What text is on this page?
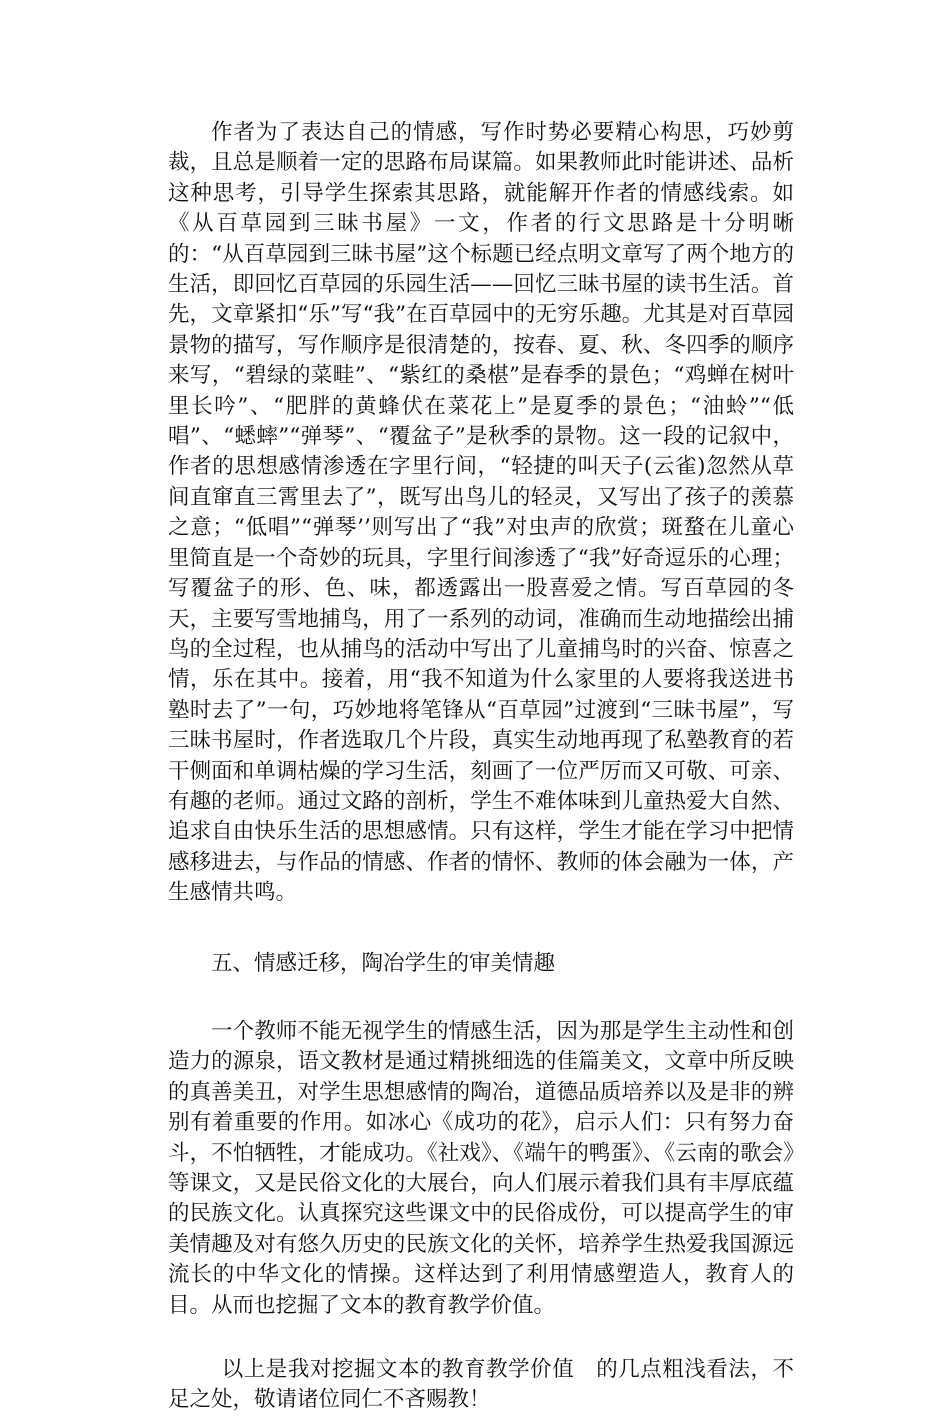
作者为了表达自己的情感，写作时势必要精心构思，巧妙剪裁，且总是顺着一定的思路布局谋篇。如果教师此时能讲述、品析这种思考，引导学生探索其思路，就能解开作者的情感线索。如《从百草园到三昧书屋》一文，作者的行文思路是十分明晰的：“从百草园到三昧书屋”这个标题已经点明文章写了两个地方的生活，即回忆百草园的乐园生活——回忆三昧书屋的读书生活。首先，文章紧扣“乐”写“我”在百草园中的无穷乐趣。尤其是对百草园景物的描写，写作顺序是很清楚的，按春、夏、秋、冬四季的顺序来写，“碧绿的菜畦”、“紫红的桑椹”是春季的景色；“鸡蝉在树叶里长吟”、“肥胖的黄蜂伏在菜花上”是夏季的景色；“油蛉”“低唱”、“蟋蟀”“弹琴”、“覆盆子”是秋季的景物。这一段的记叙中，作者的思想感情渗透在字里行间，“轻捷的叫天子(云雀)忽然从草间直窜直三霄里去了”，既写出鸟儿的轻灵，又写出了孩子的羡慕之意；“低唱”“弹琴’’则写出了“我”对虫声的欣赏；斑蝥在儿童心里简直是一个奇妙的玩具，字里行间渗透了“我”好奇逗乐的心理；写覆盆子的形、色、味，都透露出一股喜爱之情。写百草园的冬天，主要写雪地捕鸟，用了一系列的动词，准确而生动地描绘出捕鸟的全过程，也从捕鸟的活动中写出了儿童捕鸟时的兴奋、惊喜之情，乐在其中。接着，用“我不知道为什么家里的人要将我送进书塾时去了”一句，巧妙地将笔锋从“百草园”过渡到“三昧书屋”，写三昧书屋时，作者选取几个片段，真实生动地再现了私塾教育的若干侧面和单调枯燥的学习生活，刻画了一位严厉而又可敬、可亲、有趣的老师。通过文路的剖析，学生不难体味到儿童热爱大自然、追求自由快乐生活的思想感情。只有这样，学生才能在学习中把情感移进去，与作品的情感、作者的情怀、教师的体会融为一体，产生感情共鸣。

五、情感迁移，陶冶学生的审美情趣

一个教师不能无视学生的情感生活，因为那是学生主动性和创造力的源泉，语文教材是通过精挑细选的佳篇美文，文章中所反映的真善美丑，对学生思想感情的陶冶，道德品质培养以及是非的辨别有着重要的作用。如冰心《成功的花》，启示人们：只有努力奋斗，不怕牺牲，才能成功。《社戏》、《端午的鸭蛋》、《云南的歌会》等课文，又是民俗文化的大展台，向人们展示着我们具有丰厚底蕴的民族文化。认真探究这些课文中的民俗成份，可以提高学生的审美情趣及对有悠久历史的民族文化的关怀，培养学生热爱我国源远流长的中华文化的情操。这样达到了利用情感塑造人，教育人的目。从而也挖掘了文本的教育教学价值。

以上是我对挖掘文本的教育教学价值　的几点粗浅看法，不足之处，敬请诸位同仁不吝赐教！
